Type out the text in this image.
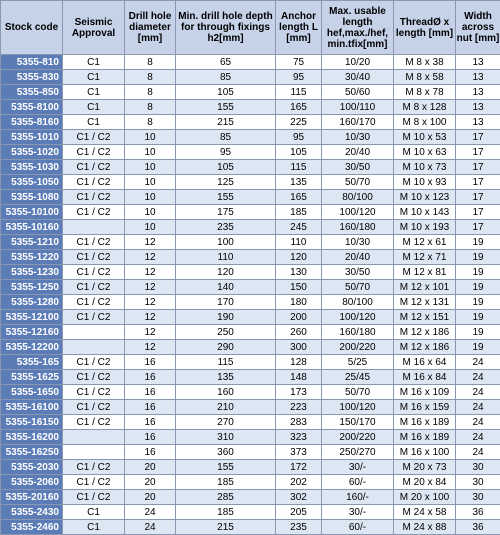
Stock code	Seismic Approval	Drill hole diameter [mm]	Min. drill hole depth for through fixings h2[mm]	Anchor length L [mm]	Max. usable length hef,max./hef, min.tfix[mm]	ThreadØ x length [mm]	Width across nut [mm]
5355-810	C1	8	65	75	10/20	M 8 x 38	13
5355-830	C1	8	85	95	30/40	M 8 x 58	13
5355-850	C1	8	105	115	50/60	M 8 x 78	13
5355-8100	C1	8	155	165	100/110	M 8 x 128	13
5355-8160	C1	8	215	225	160/170	M 8 x 100	13
5355-1010	C1 / C2	10	85	95	10/30	M 10 x 53	17
5355-1020	C1 / C2	10	95	105	20/40	M 10 x 63	17
5355-1030	C1 / C2	10	105	115	30/50	M 10 x 73	17
5355-1050	C1 / C2	10	125	135	50/70	M 10 x 93	17
5355-1080	C1 / C2	10	155	165	80/100	M 10 x 123	17
5355-10100	C1 / C2	10	175	185	100/120	M 10 x 143	17
5355-10160		10	235	245	160/180	M 10 x 193	17
5355-1210	C1 / C2	12	100	110	10/30	M 12 x 61	19
5355-1220	C1 / C2	12	110	120	20/40	M 12 x 71	19
5355-1230	C1 / C2	12	120	130	30/50	M 12 x 81	19
5355-1250	C1 / C2	12	140	150	50/70	M 12 x 101	19
5355-1280	C1 / C2	12	170	180	80/100	M 12 x 131	19
5355-12100	C1 / C2	12	190	200	100/120	M 12 x 151	19
5355-12160		12	250	260	160/180	M 12 x 186	19
5355-12200		12	290	300	200/220	M 12 x 186	19
5355-165	C1 / C2	16	115	128	5/25	M 16 x 64	24
5355-1625	C1 / C2	16	135	148	25/45	M 16 x 84	24
5355-1650	C1 / C2	16	160	173	50/70	M 16 x 109	24
5355-16100	C1 / C2	16	210	223	100/120	M 16 x 159	24
5355-16150	C1 / C2	16	270	283	150/170	M 16 x 189	24
5355-16200		16	310	323	200/220	M 16 x 189	24
5355-16250		16	360	373	250/270	M 16 x 100	24
5355-2030	C1 / C2	20	155	172	30/-	M 20 x 73	30
5355-2060	C1 / C2	20	185	202	60/-	M 20 x 84	30
5355-20160	C1 / C2	20	285	302	160/-	M 20 x 100	30
5355-2430	C1	24	185	205	30/-	M 24 x 58	36
5355-2460	C1	24	215	235	60/-	M 24 x 88	36
